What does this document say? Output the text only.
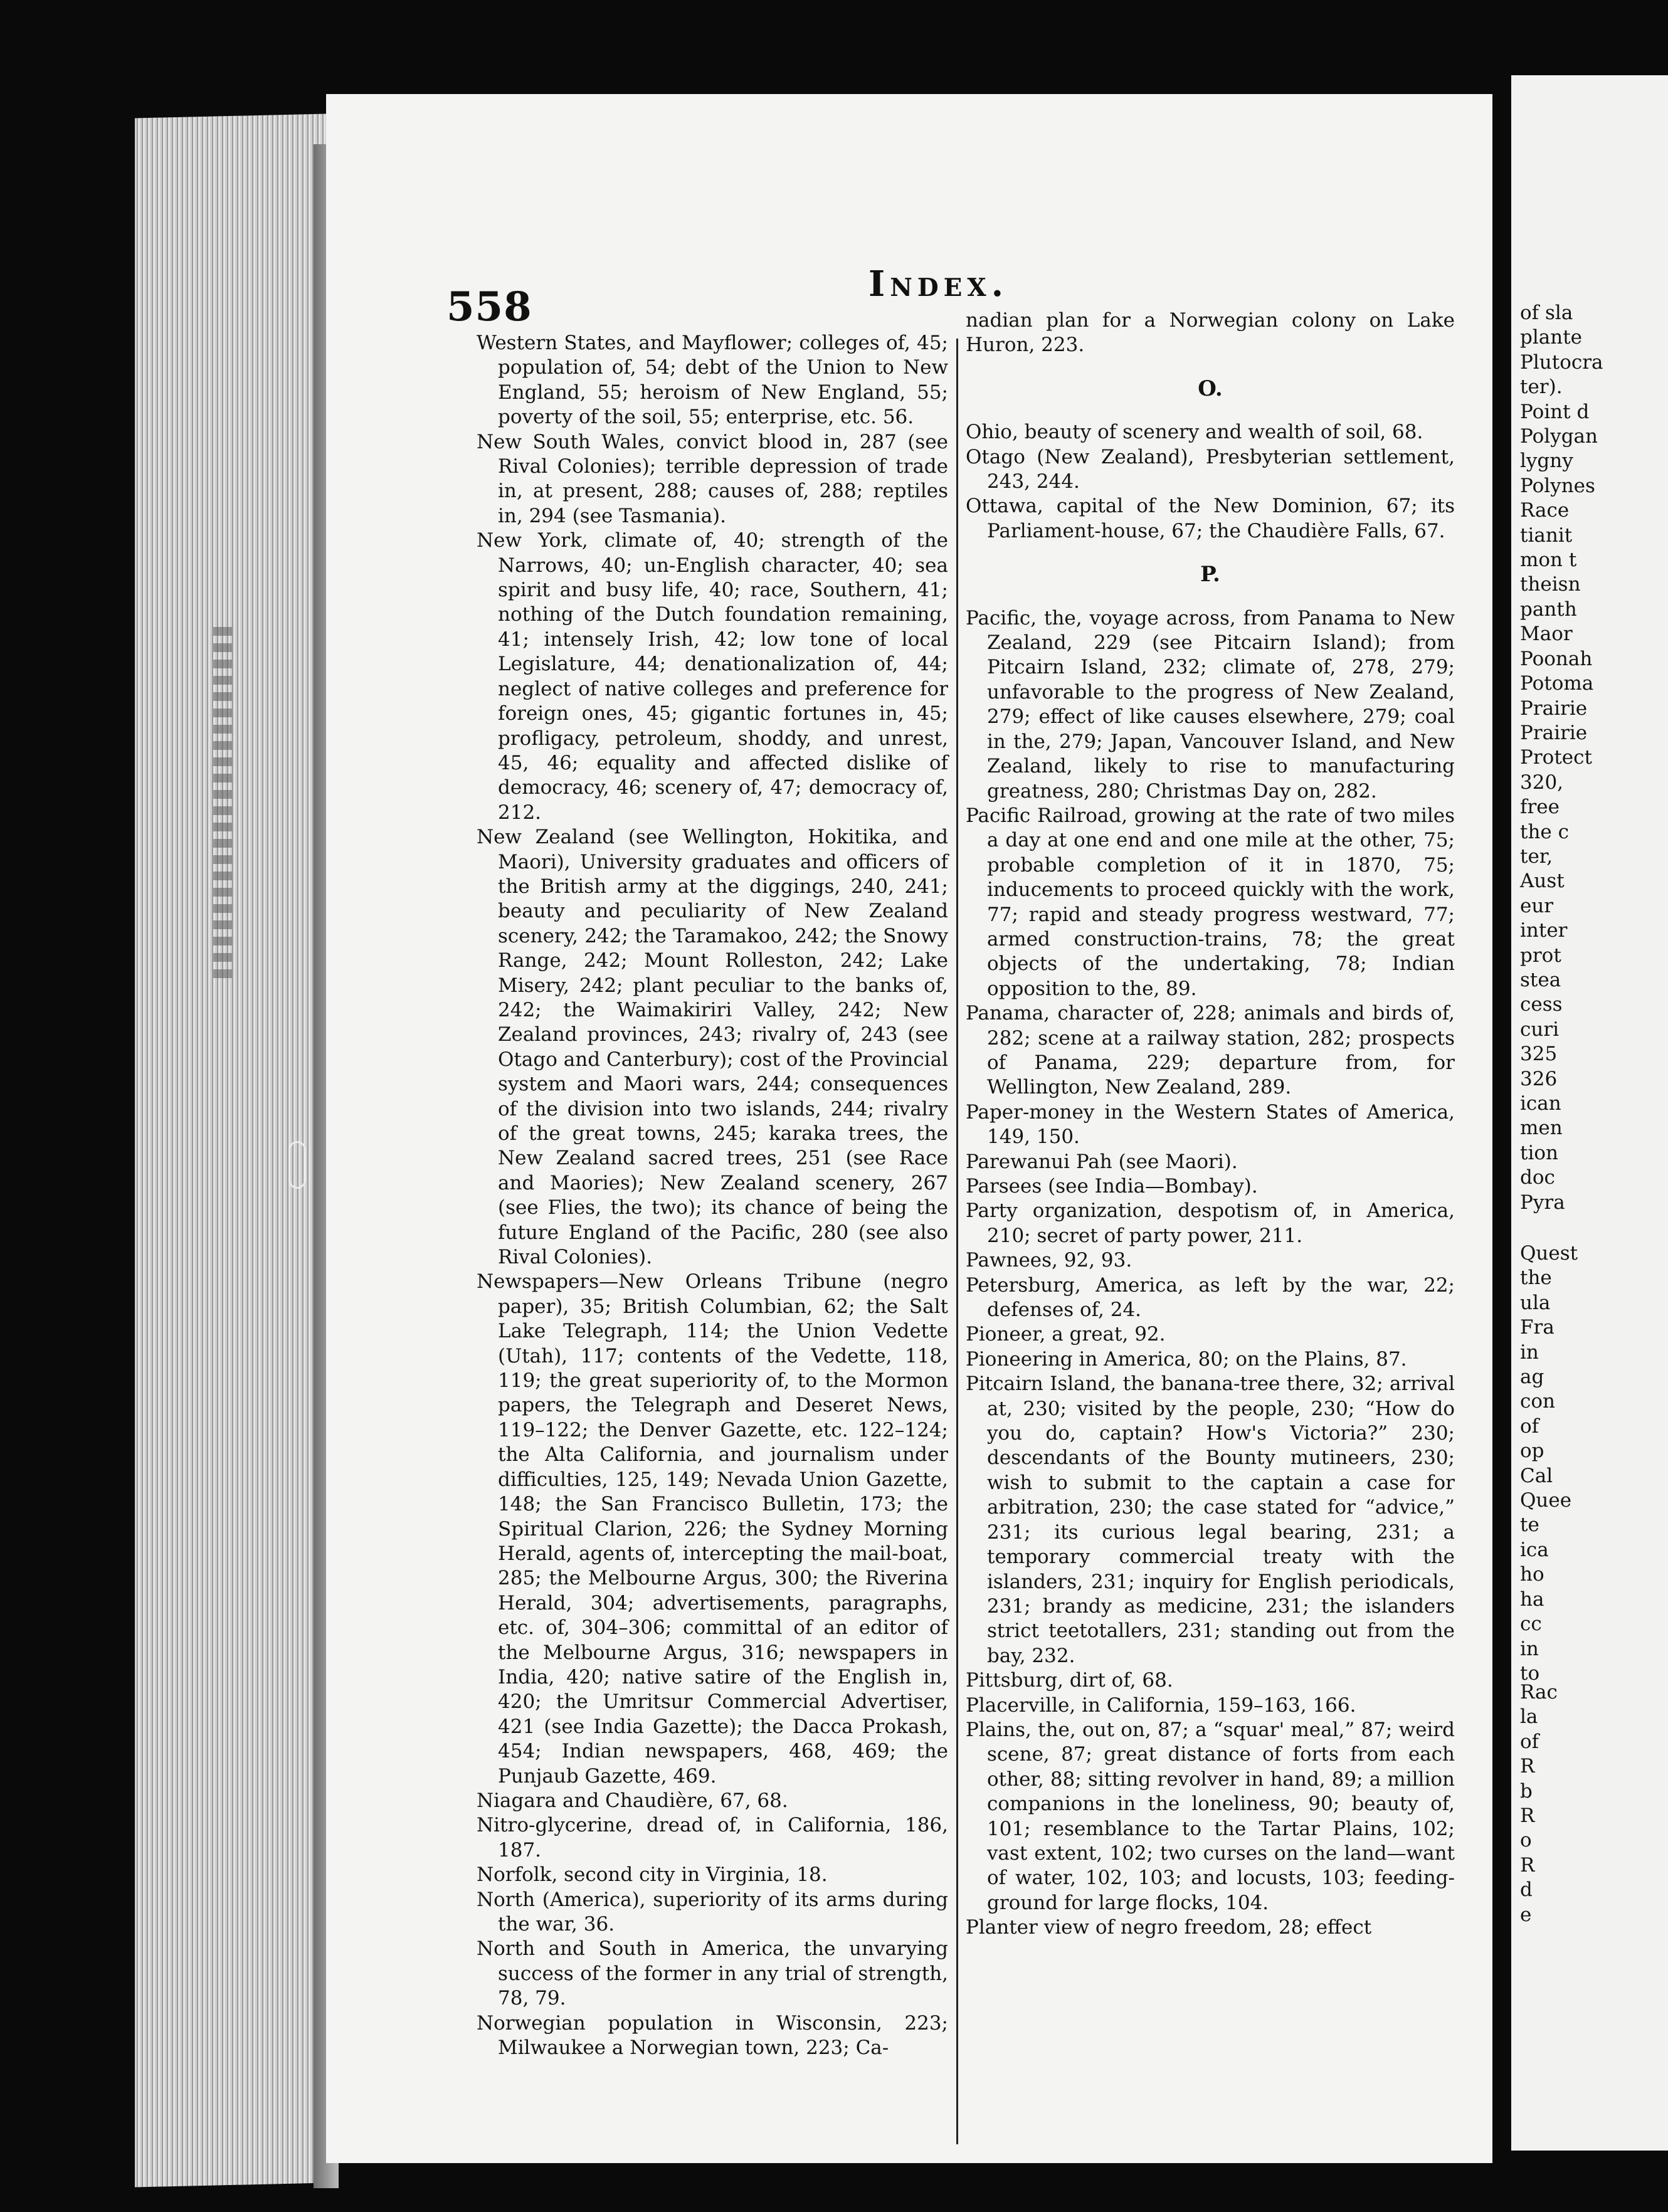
of sla
plante
Plutocra
ter).
Point d
Polygan
lygny
Polynes
Race
tianit
mon t
theisn
panth
Maor
Poonah
Potoma
Prairie
Prairie
Protect
320,
free
the c
ter,
Aust
eur
inter
prot
stea
cess
curi
325
326
ican
men
tion
doc
Pyra
Quest
the
ula
Fra
in
ag
con
of
op
Cal
Quee
te
ica
ho
ha
cc
in
to
Rac
la
of
R
b
R
o
R
d
e
558	Index.

Western States, and Mayflower; colleges of, 45; population of, 54; debt of the Union to New England, 55; heroism of New England, 55; poverty of the soil, 55; enterprise, etc. 56.

New South Wales, convict blood in, 287 (see Rival Colonies); terrible depression of trade in, at present, 288; causes of, 288; reptiles in, 294 (see Tasmania).

New York, climate of, 40; strength of the Narrows, 40; un-English character, 40; sea spirit and busy life, 40; race, Southern, 41; nothing of the Dutch foundation remaining, 41; intensely Irish, 42; low tone of local Legislature, 44; denationalization of, 44; neglect of native colleges and preference for foreign ones, 45; gigantic fortunes in, 45; profligacy, petroleum, shoddy, and unrest, 45, 46; equality and affected dislike of democracy, 46; scenery of, 47; democracy of, 212.

New Zealand (see Wellington, Hokitika, and Maori), University graduates and officers of the British army at the diggings, 240, 241; beauty and peculiarity of New Zealand scenery, 242; the Taramakoo, 242; the Snowy Range, 242; Mount Rolleston, 242; Lake Misery, 242; plant peculiar to the banks of, 242; the Waimakiriri Valley, 242; New Zealand provinces, 243; rivalry of, 243 (see Otago and Canterbury); cost of the Provincial system and Maori wars, 244; consequences of the division into two islands, 244; rivalry of the great towns, 245; karaka trees, the New Zealand sacred trees, 251 (see Race and Maories); New Zealand scenery, 267 (see Flies, the two); its chance of being the future England of the Pacific, 280 (see also Rival Colonies).

Newspapers—New Orleans Tribune (negro paper), 35; British Columbian, 62; the Salt Lake Telegraph, 114; the Union Vedette (Utah), 117; contents of the Vedette, 118, 119; the great superiority of, to the Mormon papers, the Telegraph and Deseret News, 119–122; the Denver Gazette, etc. 122–124; the Alta California, and journalism under difficulties, 125, 149; Nevada Union Gazette, 148; the San Francisco Bulletin, 173; the Spiritual Clarion, 226; the Sydney Morning Herald, agents of, intercepting the mail-boat, 285; the Melbourne Argus, 300; the Riverina Herald, 304; advertisements, paragraphs, etc. of, 304–306; committal of an editor of the Melbourne Argus, 316; newspapers in India, 420; native satire of the English in, 420; the Umritsur Commercial Advertiser, 421 (see India Gazette); the Dacca Prokash, 454; Indian newspapers, 468, 469; the Punjaub Gazette, 469.

Niagara and Chaudière, 67, 68.

Nitro-glycerine, dread of, in California, 186, 187.

Norfolk, second city in Virginia, 18.

North (America), superiority of its arms during the war, 36.

North and South in America, the unvarying success of the former in any trial of strength, 78, 79.

Norwegian population in Wisconsin, 223; Milwaukee a Norwegian town, 223; Ca-

nadian plan for a Norwegian colony on Lake Huron, 223.

O.

Ohio, beauty of scenery and wealth of soil, 68.

Otago (New Zealand), Presbyterian settlement, 243, 244.

Ottawa, capital of the New Dominion, 67; its Parliament-house, 67; the Chaudière Falls, 67.

P.

Pacific, the, voyage across, from Panama to New Zealand, 229 (see Pitcairn Island); from Pitcairn Island, 232; climate of, 278, 279; unfavorable to the progress of New Zealand, 279; effect of like causes elsewhere, 279; coal in the, 279; Japan, Vancouver Island, and New Zealand, likely to rise to manufacturing greatness, 280; Christmas Day on, 282.

Pacific Railroad, growing at the rate of two miles a day at one end and one mile at the other, 75; probable completion of it in 1870, 75; inducements to proceed quickly with the work, 77; rapid and steady progress westward, 77; armed construction-trains, 78; the great objects of the undertaking, 78; Indian opposition to the, 89.

Panama, character of, 228; animals and birds of, 282; scene at a railway station, 282; prospects of Panama, 229; departure from, for Wellington, New Zealand, 289.

Paper-money in the Western States of America, 149, 150.

Parewanui Pah (see Maori).

Parsees (see India—Bombay).

Party organization, despotism of, in America, 210; secret of party power, 211.

Pawnees, 92, 93.

Petersburg, America, as left by the war, 22; defenses of, 24.

Pioneer, a great, 92.

Pioneering in America, 80; on the Plains, 87.

Pitcairn Island, the banana-tree there, 32; arrival at, 230; visited by the people, 230; “How do you do, captain? How's Victoria?” 230; descendants of the Bounty mutineers, 230; wish to submit to the captain a case for arbitration, 230; the case stated for “advice,” 231; its curious legal bearing, 231; a temporary commercial treaty with the islanders, 231; inquiry for English periodicals, 231; brandy as medicine, 231; the islanders strict teetotallers, 231; standing out from the bay, 232.

Pittsburg, dirt of, 68.

Placerville, in California, 159–163, 166.

Plains, the, out on, 87; a “squar' meal,” 87; weird scene, 87; great distance of forts from each other, 88; sitting revolver in hand, 89; a million companions in the loneliness, 90; beauty of, 101; resemblance to the Tartar Plains, 102; vast extent, 102; two curses on the land—want of water, 102, 103; and locusts, 103; feeding-ground for large flocks, 104.

Planter view of negro freedom, 28; effect
